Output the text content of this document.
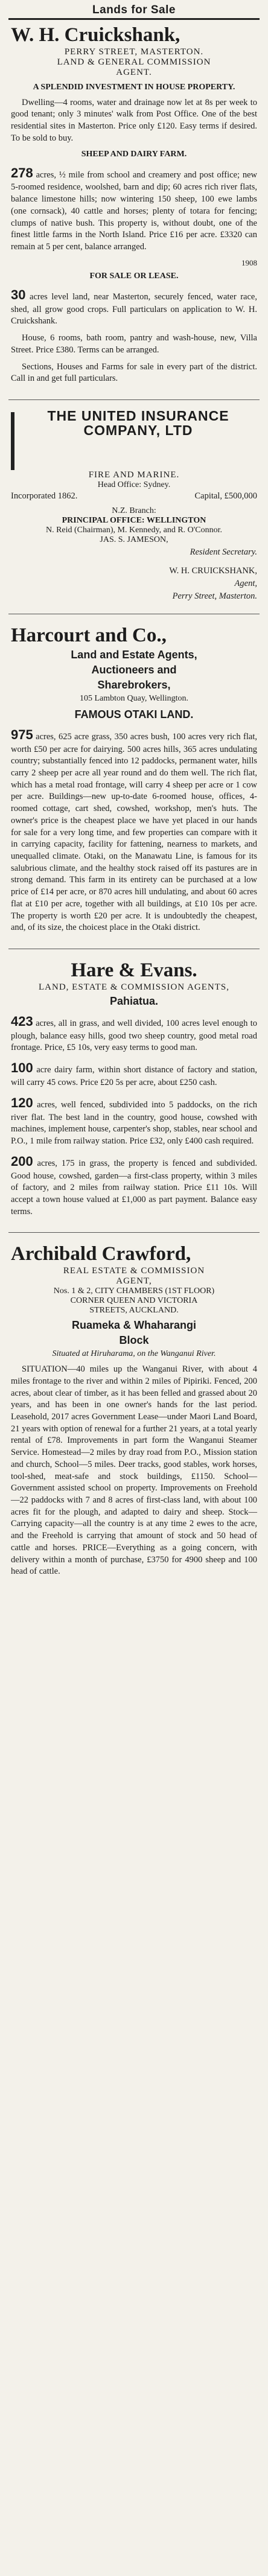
Lands for Sale
W. H. Cruickshank,
PERRY STREET, MASTERTON.
LAND & GENERAL COMMISSION
AGENT.
A SPLENDID INVESTMENT IN HOUSE PROPERTY.

Dwelling—4 rooms, water and drainage now let at 8s per week to good tenant; only 3 minutes' walk from Post Office. One of the best residential sites in Masterton. Price only £120. Easy terms if desired. To be sold to buy.

SHEEP AND DAIRY FARM.

278 acres, ½ mile from school and creamery and post office; new 5-roomed residence, woolshed, barn and dip; 60 acres rich river flats, balance limestone hills; now wintering 150 sheep, 100 ewe lambs (one cornsack), 40 cattle and horses; plenty of totara for fencing; clumps of native bush. This property is, without doubt, one of the finest little farms in the North Island. Price £16 per acre. £3320 can remain at 5 per cent, balance arranged.

1908
FOR SALE OR LEASE.

30 acres level land, near Masterton, securely fenced, water race, shed, all grow good crops. Full particulars on application to W. H. Cruickshank.

House, 6 rooms, bath room, pantry and wash-house, new, Villa Street. Price £380. Terms can be arranged.

Sections, Houses and Farms for sale in every part of the district. Call in and get full particulars.

THE UNITED INSURANCE
COMPANY, LTD
FIRE AND MARINE.
Head Office: Sydney.
Incorporated 1862.	Capital, £500,000
N.Z. Branch:
PRINCIPAL OFFICE: WELLINGTON
N. Reid (Chairman), M. Kennedy, and R. O'Connor.
JAS. S. JAMESON,
Resident Secretary.
W. H. CRUICKSHANK,
Agent,
Perry Street, Masterton.
Harcourt and Co.,
Land and Estate Agents,
Auctioneers and
Sharebrokers,
105 Lambton Quay, Wellington.
FAMOUS OTAKI LAND.

975 acres, 625 acre grass, 350 acres bush, 100 acres very rich flat, worth £50 per acre for dairying. 500 acres hills, 365 acres undulating country; substantially fenced into 12 paddocks, permanent water, hills carry 2 sheep per acre all year round and do them well. The rich flat, which has a metal road frontage, will carry 4 sheep per acre or 1 cow per acre. Buildings—new up-to-date 6-roomed house, offices, 4-roomed cottage, cart shed, cowshed, workshop, men's huts. The owner's price is the cheapest place we have yet placed in our hands for sale for a very long time, and few properties can compare with it in carrying capacity, facility for fattening, nearness to markets, and unequalled climate. Otaki, on the Manawatu Line, is famous for its salubrious climate, and the healthy stock raised off its pastures are in strong demand. This farm in its entirety can be purchased at a low price of £14 per acre, or 870 acres hill undulating, and about 60 acres flat at £10 per acre, together with all buildings, at £10 10s per acre. The property is worth £20 per acre. It is undoubtedly the cheapest, and, of its size, the choicest place in the Otaki district.

Hare & Evans.
LAND, ESTATE & COMMISSION AGENTS,
Pahiatua.

423 acres, all in grass, and well divided, 100 acres level enough to plough, balance easy hills, good two sheep country, good metal road frontage. Price, £5 10s, very easy terms to good man.

100 acre dairy farm, within short distance of factory and station, will carry 45 cows. Price £20 5s per acre, about £250 cash.

120 acres, well fenced, subdivided into 5 paddocks, on the rich river flat. The best land in the country, good house, cowshed with machines, implement house, carpenter's shop, stables, near school and P.O., 1 mile from railway station. Price £32, only £400 cash required.

200 acres, 175 in grass, the property is fenced and subdivided. Good house, cowshed, garden—a first-class property, within 3 miles of factory, and 2 miles from railway station. Price £11 10s. Will accept a town house valued at £1,000 as part payment. Balance easy terms.

Archibald Crawford,
REAL ESTATE & COMMISSION
AGENT,
Nos. 1 & 2, CITY CHAMBERS (1ST FLOOR)
CORNER QUEEN AND VICTORIA
STREETS, AUCKLAND.
Ruameka & Whaharangi
Block
Situated at Hiruharama, on the Wanganui River.

SITUATION—40 miles up the Wanganui River, with about 4 miles frontage to the river and within 2 miles of Pipiriki. Fenced, 200 acres, about clear of timber, as it has been felled and grassed about 20 years, and has been in one owner's hands for the last period. Leasehold, 2017 acres Government Lease—under Maori Land Board, 21 years with option of renewal for a further 21 years, at a total yearly rental of £78. Improvements in part form the Wanganui Steamer Service. Homestead—2 miles by dray road from P.O., Mission station and church, School—5 miles. Deer tracks, good stables, work horses, tool-shed, meat-safe and stock buildings, £1150. School—Government assisted school on property. Improvements on Freehold—22 paddocks with 7 and 8 acres of first-class land, with about 100 acres fit for the plough, and adapted to dairy and sheep. Stock—Carrying capacity—all the country is at any time 2 ewes to the acre, and the Freehold is carrying that amount of stock and 50 head of cattle and horses. PRICE—Everything as a going concern, with delivery within a month of purchase, £3750 for 4900 sheep and 100 head of cattle.
